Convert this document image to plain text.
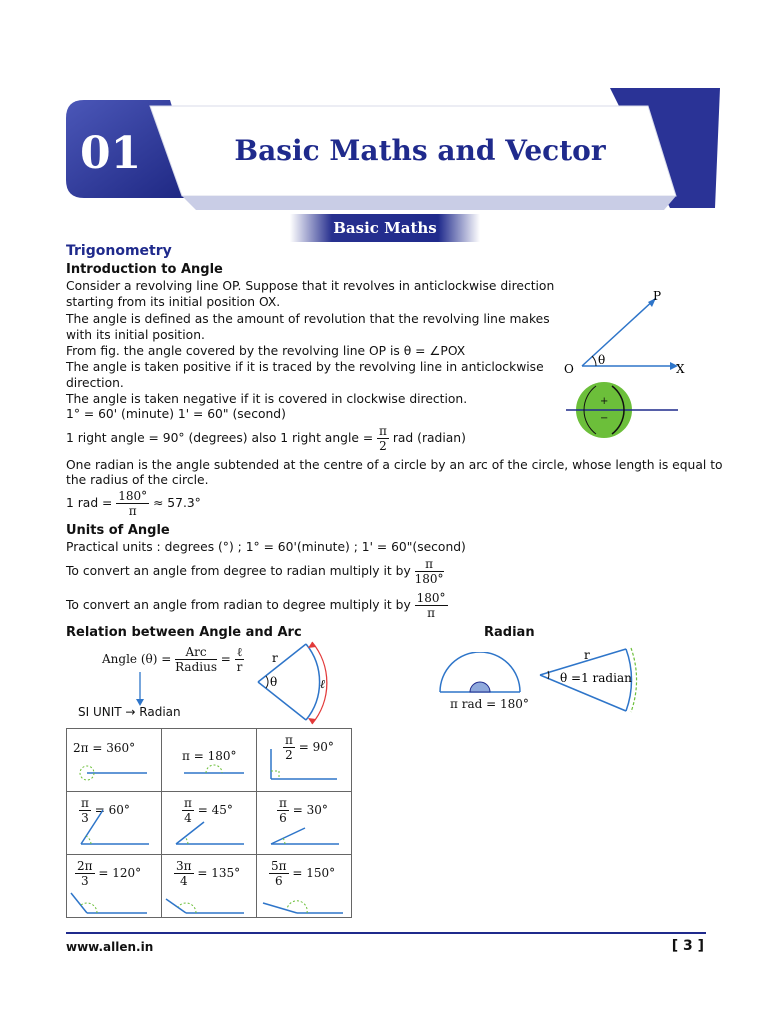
01	Basic Maths and Vector
Basic Maths
Trigonometry
Introduction to Angle
Consider a revolving line OP. Suppose that it revolves in anticlockwise direction
starting from its initial position OX.
The angle is defined as the amount of revolution that the revolving line makes
with its initial position.
From fig. the angle covered by the revolving line OP is θ = ∠POX
The angle is taken positive if it is traced by the revolving line in anticlockwise
direction.
The angle is taken negative if it is covered in clockwise direction.
1° = 60' (minute) 1' = 60" (second)
1 right angle = 90° (degrees) also 1 right angle = $\frac{\pi}{2}$ rad (radian)
One radian is the angle subtended at the centre of a circle by an arc of the circle, whose length is equal to
the radius of the circle.
1 rad = $\frac{180^\circ}{\pi} \approx 57.3^\circ$
P
O	X
θ
+
−
Units of Angle
Practical units : degrees (°) ; 1° = 60'(minute) ; 1' = 60"(second)
To convert an angle from degree to radian multiply it by $\frac{\pi}{180^\circ}$
To convert an angle from radian to degree multiply it by $\frac{180^\circ}{\pi}$
Relation between Angle and Arc	Radian
Angle $(\theta) = \frac{\text{Arc}}{\text{Radius}} = \frac{\text{ℓ}}{r}$
SI UNIT → Radian
θ
r
ℓ
π rad = 180°
r
θ =1 radian
2π = 360°	π = 180°	$\frac{\pi}{2} = 90^\circ$

$\frac{\pi}{3} = 60^\circ$	$\frac{\pi}{4} = 45^\circ$	$\frac{\pi}{6} = 30^\circ$

$\frac{2\pi}{3} = 120^\circ$	$\frac{3\pi}{4} = 135^\circ$	$\frac{5\pi}{6} = 150^\circ$
www.allen.in	[ 3 ]
